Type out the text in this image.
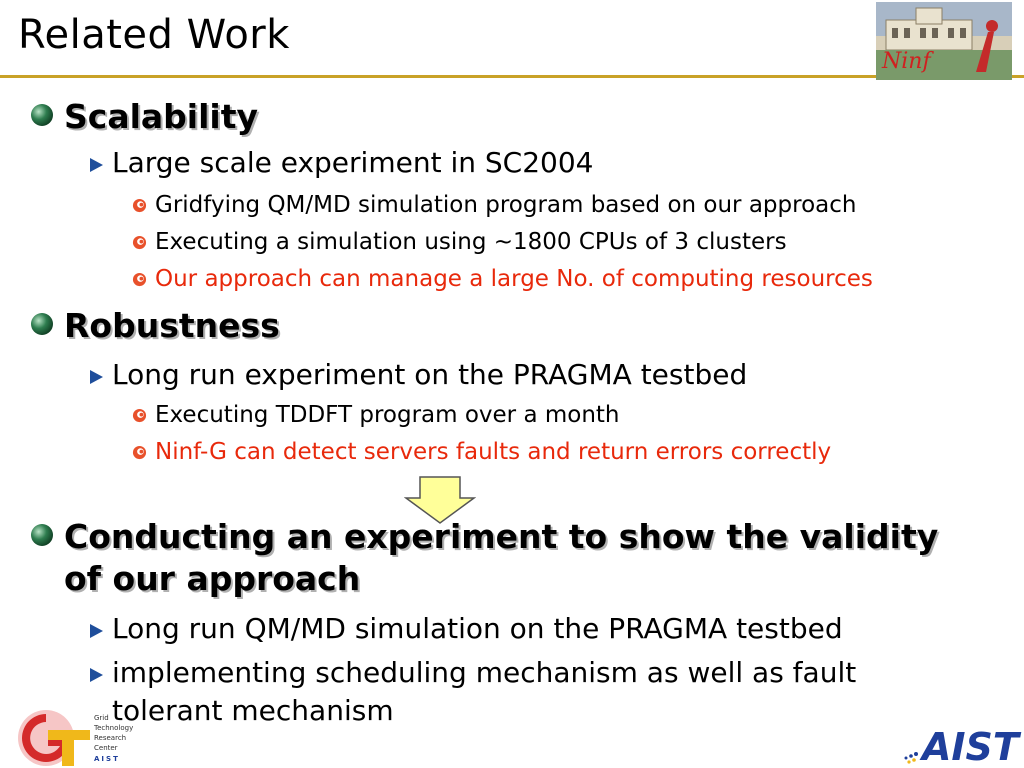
Related Work
Ninf
Scalability
Large scale experiment in SC2004
Gridfying QM/MD simulation program based on our approach
Executing a simulation using ~1800 CPUs of 3 clusters
Our approach can manage a large No. of computing resources
Robustness
Long run experiment on the PRAGMA testbed
Executing TDDFT program over a month
Ninf-G can detect servers faults and return errors correctly
Conducting an experiment to show the validity
of our approach
Long run QM/MD simulation on the PRAGMA testbed
implementing scheduling mechanism as well as fault
tolerant mechanism
Grid
Technology
Research
Center
AIST	AIST
